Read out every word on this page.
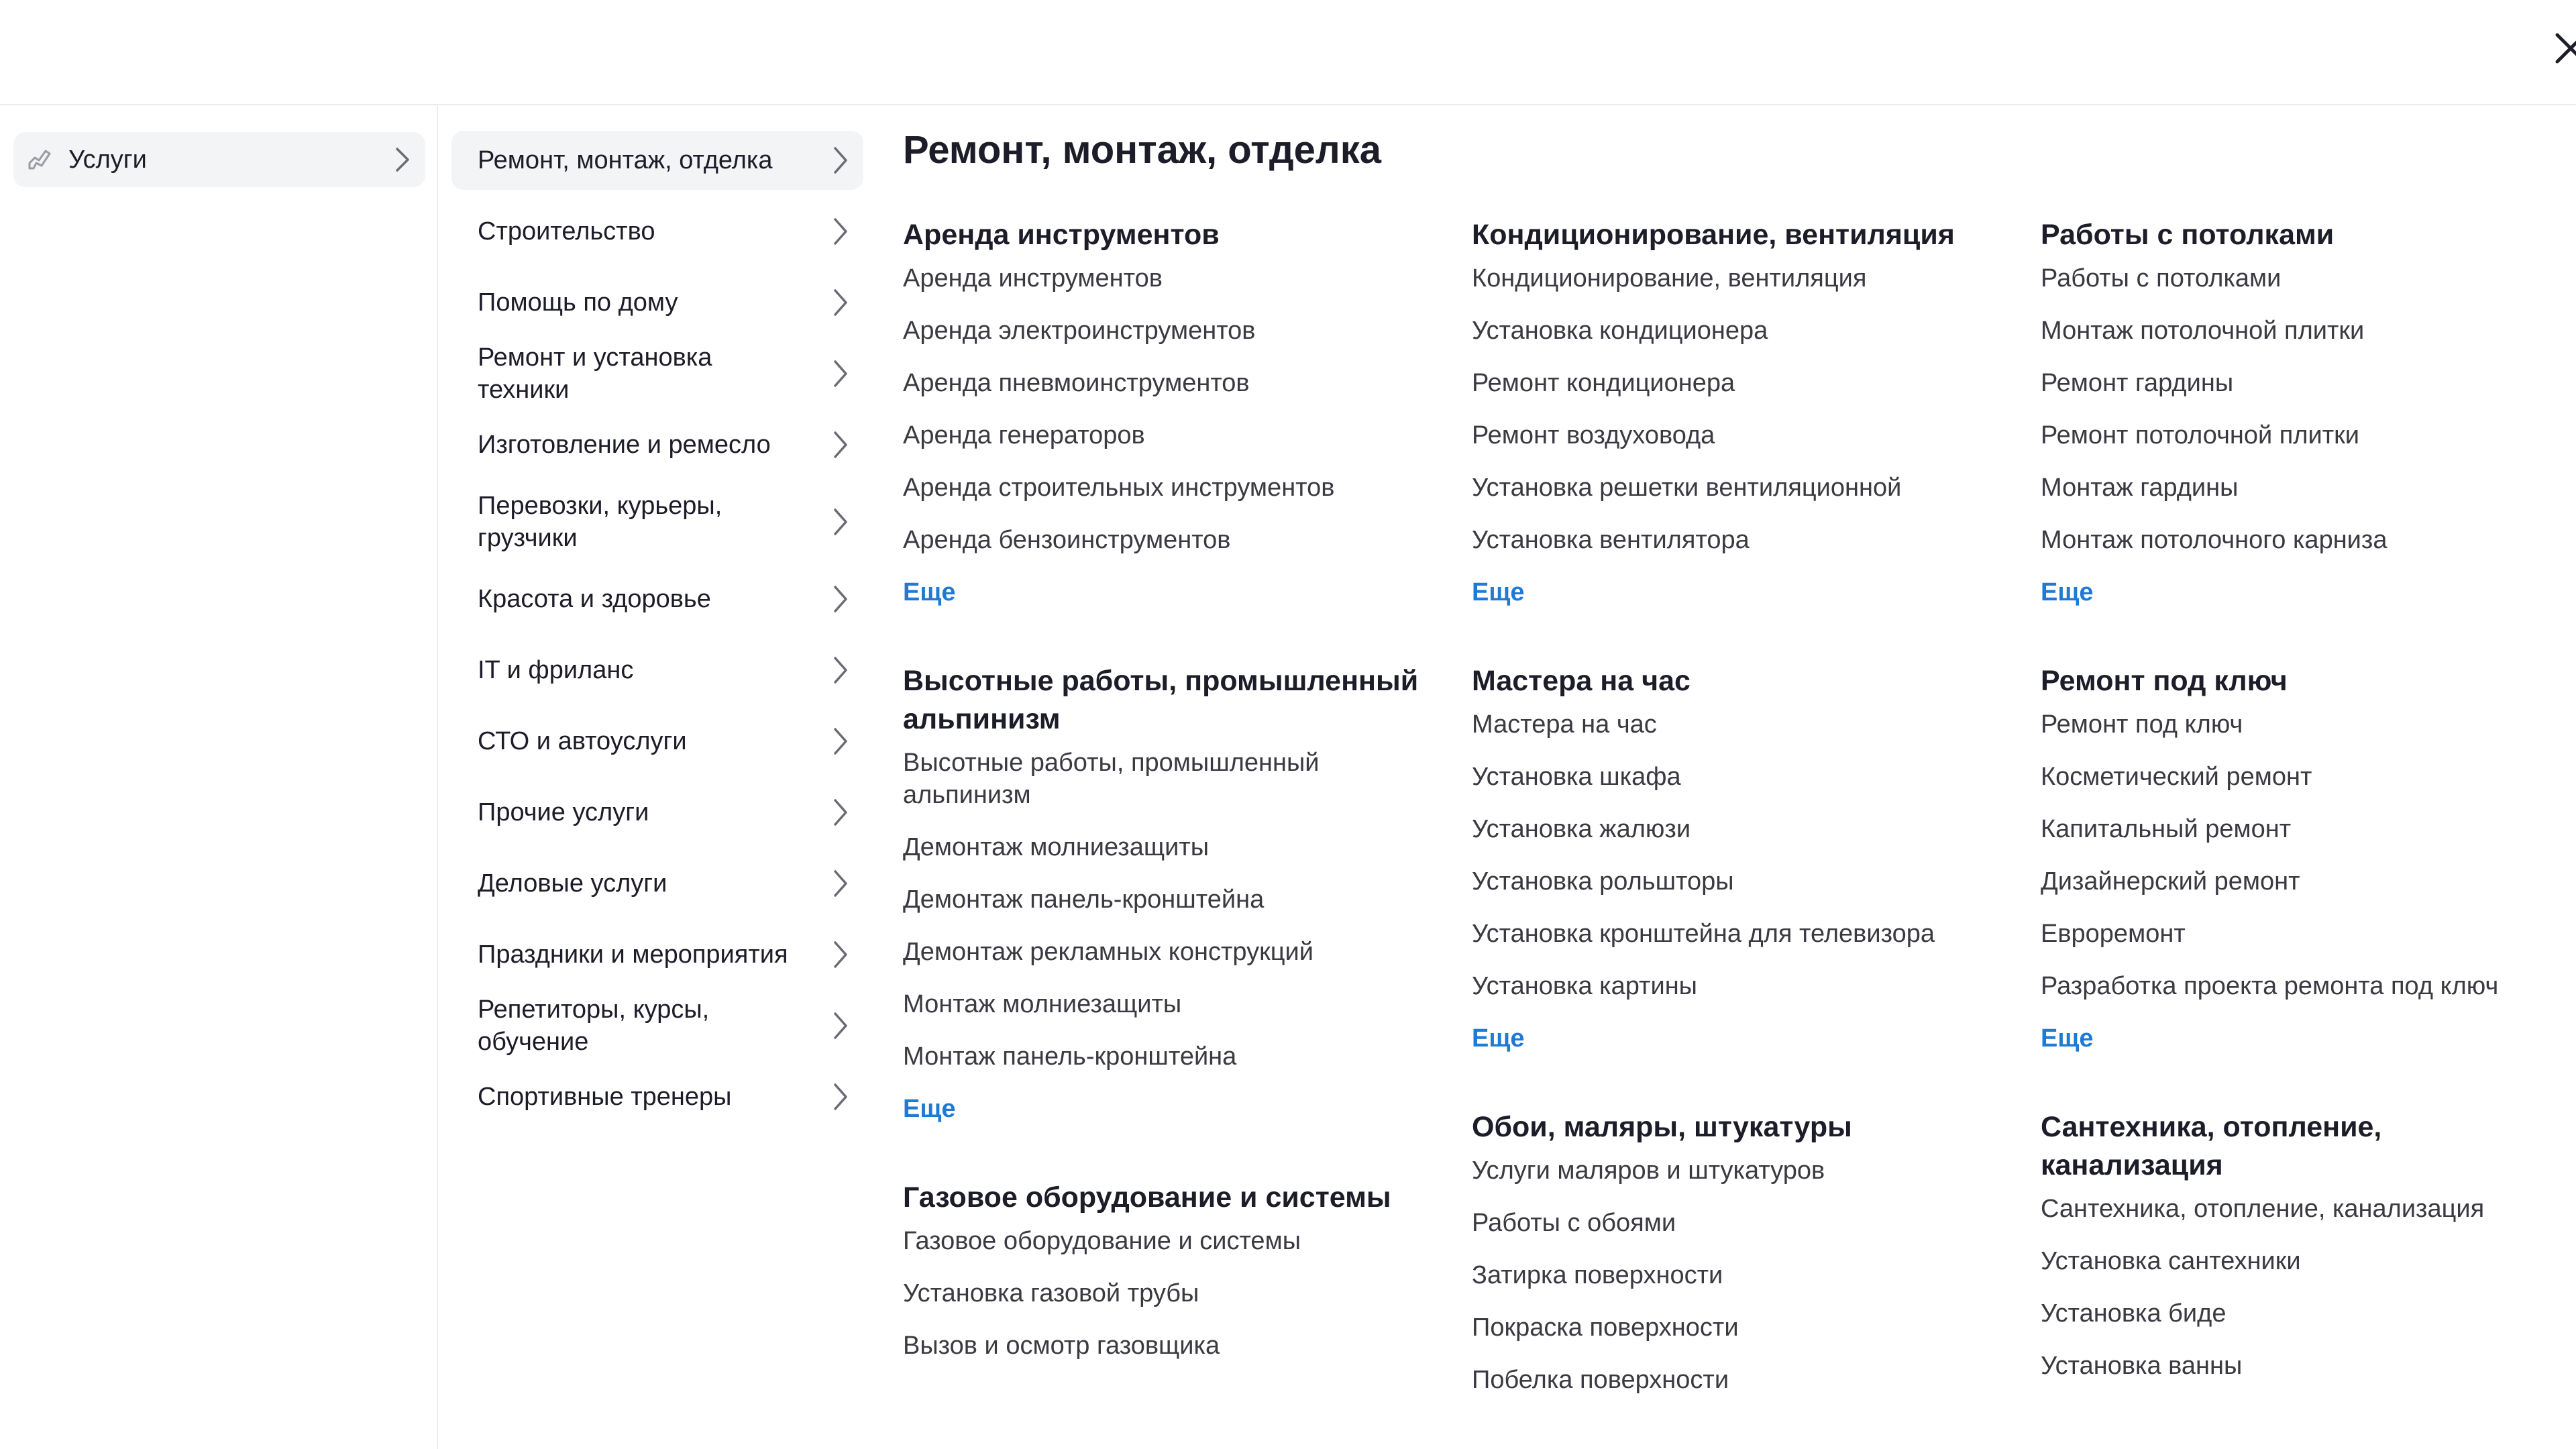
Услуги	Ремонт, монтаж, отделка
Строительство
Помощь по дому
Ремонт и установка техники
Изготовление и ремесло
Перевозки, курьеры, грузчики
Красота и здоровье
IT и фриланс
СТО и автоуслуги
Прочие услуги
Деловые услуги
Праздники и мероприятия
Репетиторы, курсы, обучение
Спортивные тренеры
Ремонт, монтаж, отделка
Аренда инструментов
Аренда инструментов
Аренда электроинструментов
Аренда пневмоинструментов
Аренда генераторов
Аренда строительных инструментов
Аренда бензоинструментов
Еще
Высотные работы, промышленный альпинизм
Высотные работы, промышленный альпинизм
Демонтаж молниезащиты
Демонтаж панель-кронштейна
Демонтаж рекламных конструкций
Монтаж молниезащиты
Монтаж панель-кронштейна
Еще
Газовое оборудование и системы
Газовое оборудование и системы
Установка газовой трубы
Вызов и осмотр газовщика
Кондиционирование, вентиляция
Кондиционирование, вентиляция
Установка кондиционера
Ремонт кондиционера
Ремонт воздуховода
Установка решетки вентиляционной
Установка вентилятора
Еще
Мастера на час
Мастера на час
Установка шкафа
Установка жалюзи
Установка рольшторы
Установка кронштейна для телевизора
Установка картины
Еще
Обои, маляры, штукатуры
Услуги маляров и штукатуров
Работы с обоями
Затирка поверхности
Покраска поверхности
Побелка поверхности
Работы с потолками
Работы с потолками
Монтаж потолочной плитки
Ремонт гардины
Ремонт потолочной плитки
Монтаж гардины
Монтаж потолочного карниза
Еще
Ремонт под ключ
Ремонт под ключ
Косметический ремонт
Капитальный ремонт
Дизайнерский ремонт
Евроремонт
Разработка проекта ремонта под ключ
Еще
Сантехника, отопление, канализация
Сантехника, отопление, канализация
Установка сантехники
Установка биде
Установка ванны
